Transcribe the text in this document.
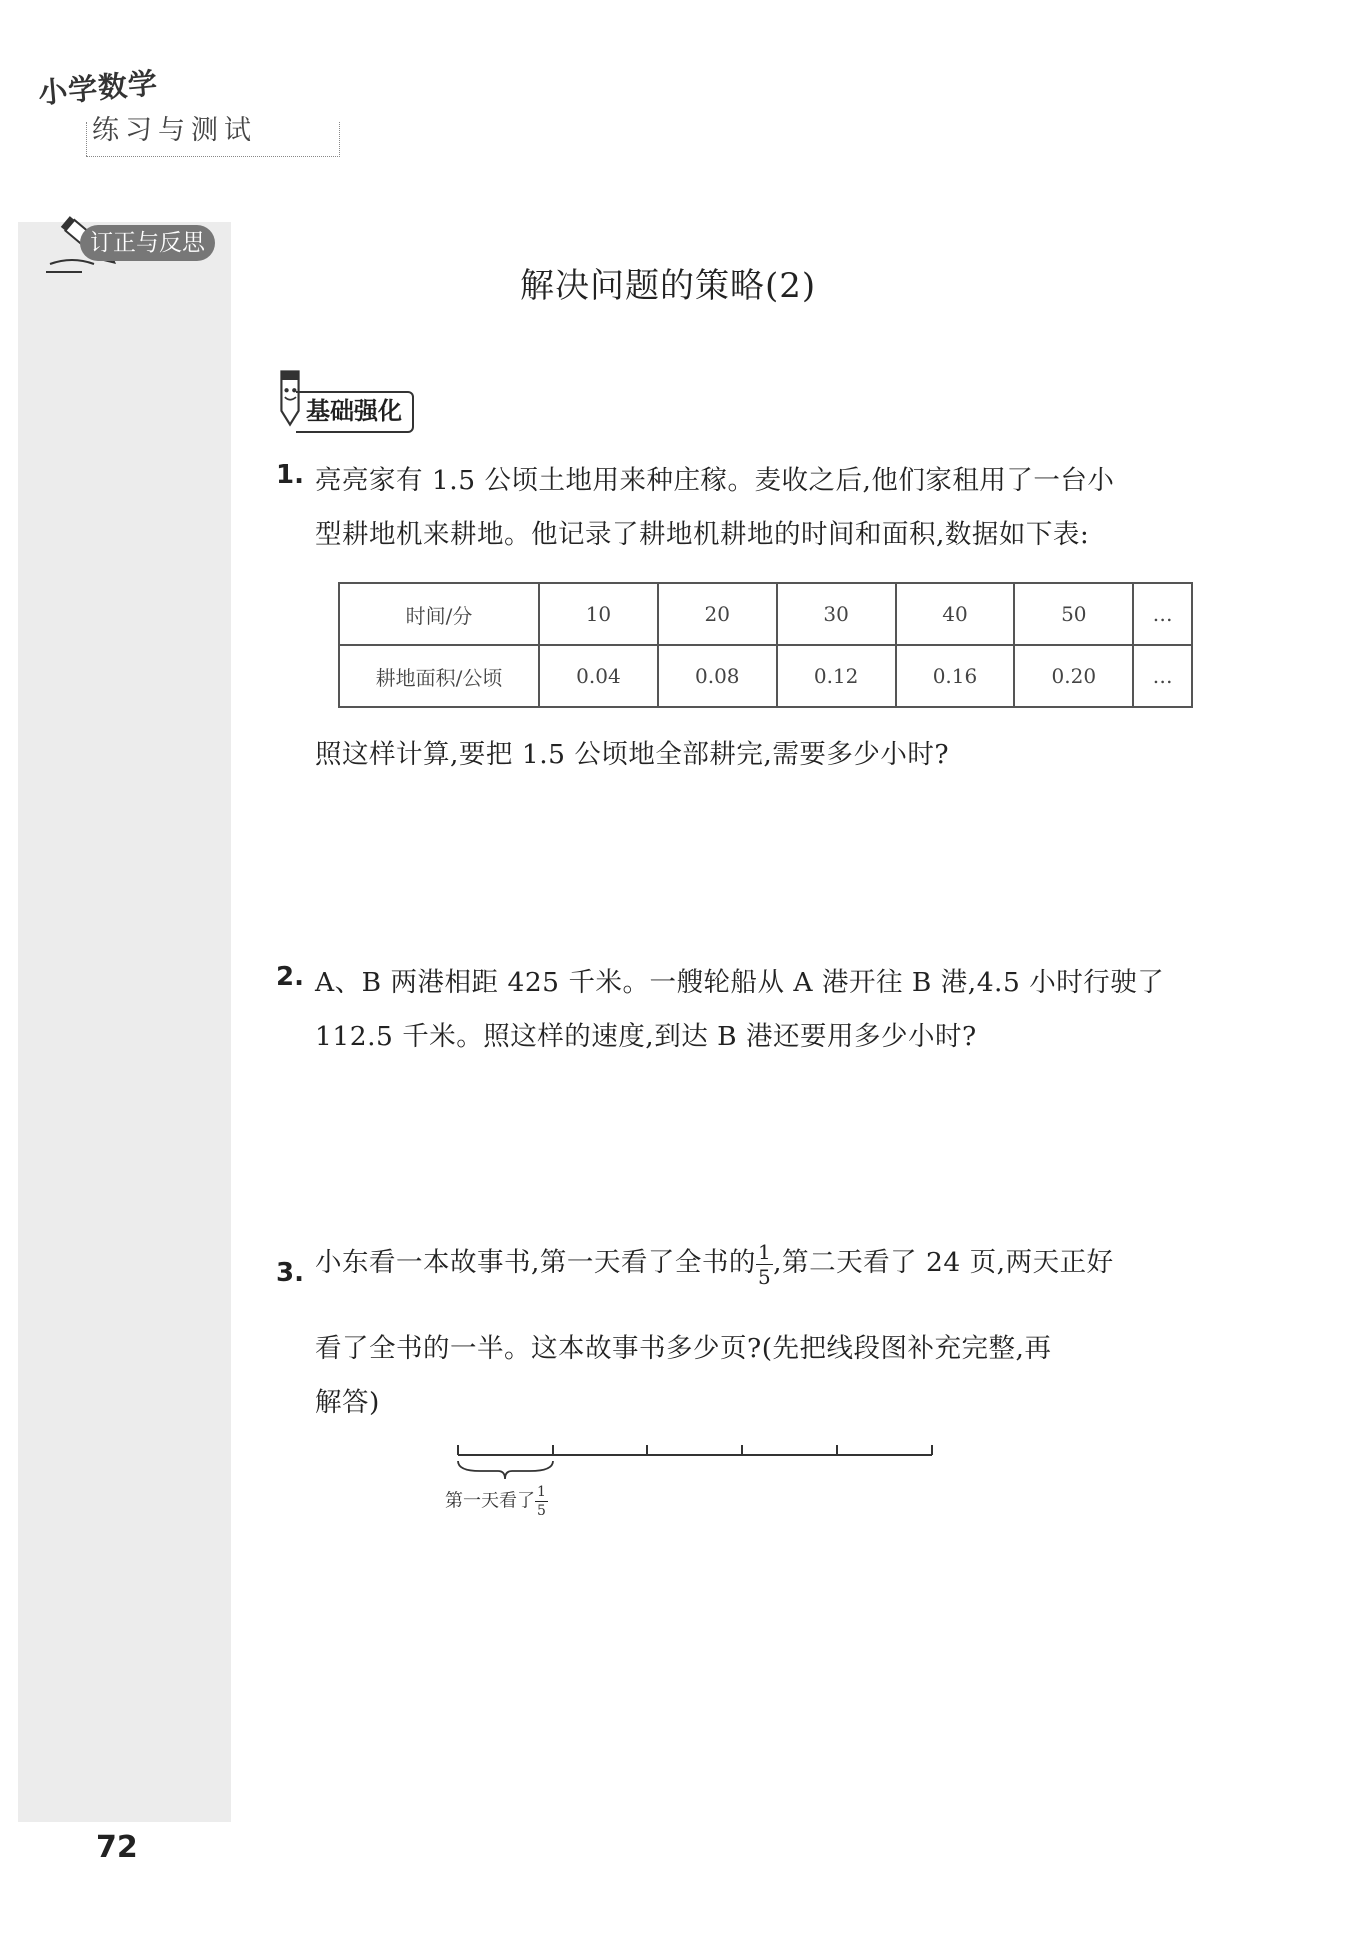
小学数学
练习与测试
订正与反思
解决问题的策略(2)
基础强化
1. 亮亮家有 1.5 公顷土地用来种庄稼。麦收之后,他们家租用了一台小
型耕地机来耕地。他记录了耕地机耕地的时间和面积,数据如下表:
时间/分	10	20	30	40	50	…
耕地面积/公顷	0.04	0.08	0.12	0.16	0.20	…
照这样计算,要把 1.5 公顷地全部耕完,需要多少小时?
2. A、B 两港相距 425 千米。一艘轮船从 A 港开往 B 港,4.5 小时行驶了
112.5 千米。照这样的速度,到达 B 港还要用多少小时?
3. 小东看一本故事书,第一天看了全书的 $\frac{1}{5}$ ,第二天看了 24 页,两天正好
看了全书的一半。这本故事书多少页?(先把线段图补充完整,再
解答)
第一天看了 $\frac{1}{5}$
72
